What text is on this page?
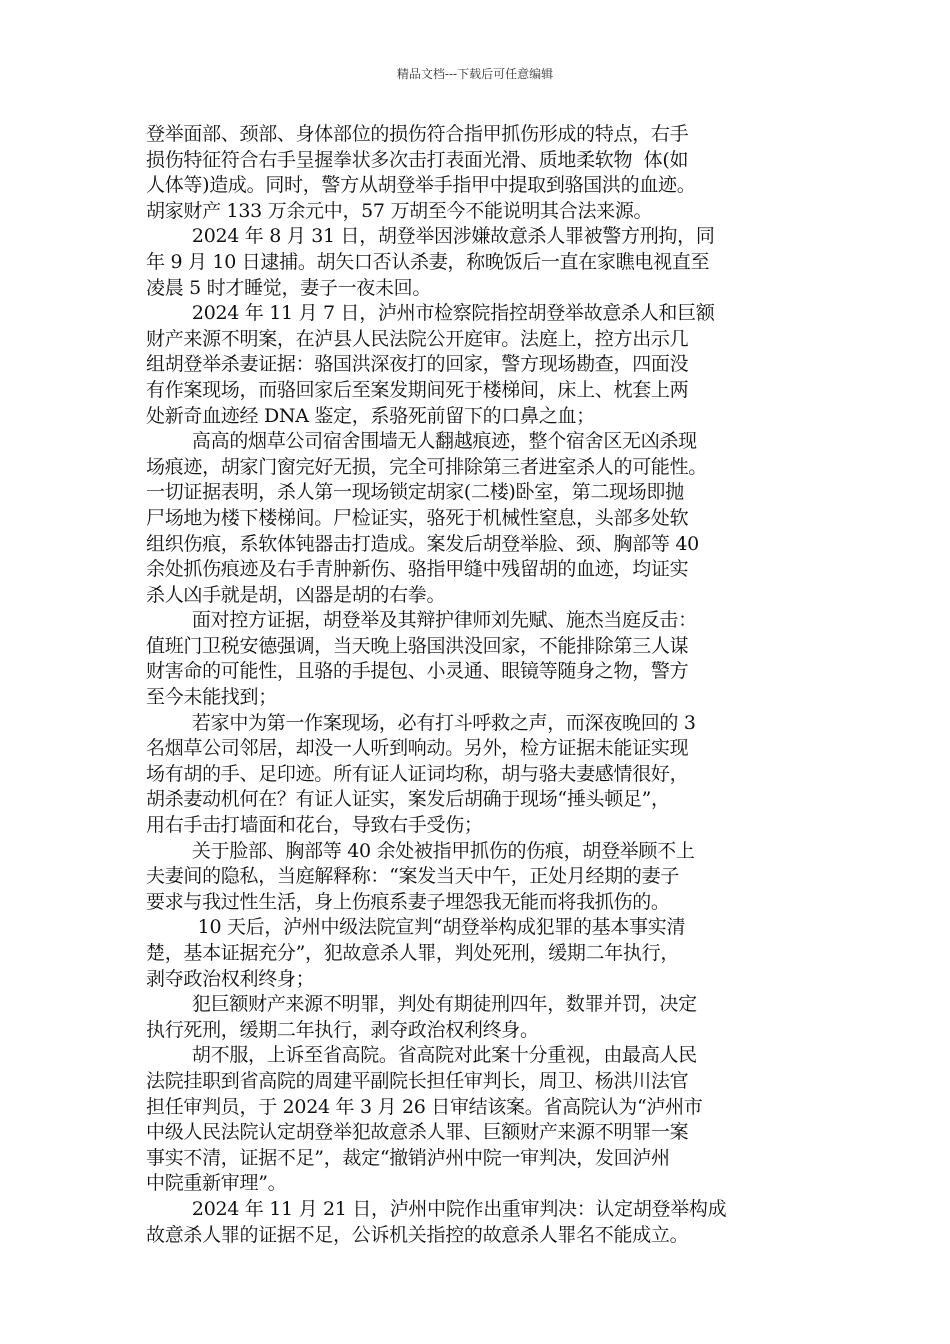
精品文档---下载后可任意编辑
登举面部、颈部、身体部位的损伤符合指甲抓伤形成的特点，右手
损伤特征符合右手呈握拳状多次击打表面光滑、质地柔软物  体(如
人体等)造成。同时，警方从胡登举手指甲中提取到骆国洪的血迹。
胡家财产 133 万余元中，57 万胡至今不能说明其合法来源。
2024 年 8 月 31 日，胡登举因涉嫌故意杀人罪被警方刑拘，同
年 9 月 10 日逮捕。胡矢口否认杀妻，称晚饭后一直在家瞧电视直至
凌晨 5 时才睡觉，妻子一夜未回。
2024 年 11 月 7 日，泸州市检察院指控胡登举故意杀人和巨额
财产来源不明案，在泸县人民法院公开庭审。法庭上，控方出示几
组胡登举杀妻证据：骆国洪深夜打的回家，警方现场勘查，四面没
有作案现场，而骆回家后至案发期间死于楼梯间，床上、枕套上两
处新奇血迹经 DNA 鉴定，系骆死前留下的口鼻之血；
高高的烟草公司宿舍围墙无人翻越痕迹，整个宿舍区无凶杀现
场痕迹，胡家门窗完好无损，完全可排除第三者进室杀人的可能性。
一切证据表明，杀人第一现场锁定胡家(二楼)卧室，第二现场即抛
尸场地为楼下楼梯间。尸检证实，骆死于机械性窒息，头部多处软
组织伤痕，系软体钝器击打造成。案发后胡登举脸、颈、胸部等 40
余处抓伤痕迹及右手青肿新伤、骆指甲缝中残留胡的血迹，均证实
杀人凶手就是胡，凶器是胡的右拳。
面对控方证据，胡登举及其辩护律师刘先赋、施杰当庭反击：
值班门卫税安德强调，当天晚上骆国洪没回家，不能排除第三人谋
财害命的可能性，且骆的手提包、小灵通、眼镜等随身之物，警方
至今未能找到；
若家中为第一作案现场，必有打斗呼救之声，而深夜晚回的 3
名烟草公司邻居，却没一人听到响动。另外，检方证据未能证实现
场有胡的手、足印迹。所有证人证词均称，胡与骆夫妻感情很好，
胡杀妻动机何在？有证人证实，案发后胡确于现场“捶头顿足”，
用右手击打墙面和花台，导致右手受伤；
关于脸部、胸部等 40 余处被指甲抓伤的伤痕，胡登举顾不上
夫妻间的隐私，当庭解释称：“案发当天中午，正处月经期的妻子
要求与我过性生活，身上伤痕系妻子埋怨我无能而将我抓伤的。
10 天后，泸州中级法院宣判“胡登举构成犯罪的基本事实清
楚，基本证据充分”，犯故意杀人罪，判处死刑，缓期二年执行，
剥夺政治权利终身；
犯巨额财产来源不明罪，判处有期徒刑四年，数罪并罚，决定
执行死刑，缓期二年执行，剥夺政治权利终身。
胡不服，上诉至省高院。省高院对此案十分重视，由最高人民
法院挂职到省高院的周建平副院长担任审判长，周卫、杨洪川法官
担任审判员，于 2024 年 3 月 26 日审结该案。省高院认为“泸州市
中级人民法院认定胡登举犯故意杀人罪、巨额财产来源不明罪一案
事实不清，证据不足”，裁定“撤销泸州中院一审判决，发回泸州
中院重新审理”。
2024 年 11 月 21 日，泸州中院作出重审判决：认定胡登举构成
故意杀人罪的证据不足，公诉机关指控的故意杀人罪名不能成立。
